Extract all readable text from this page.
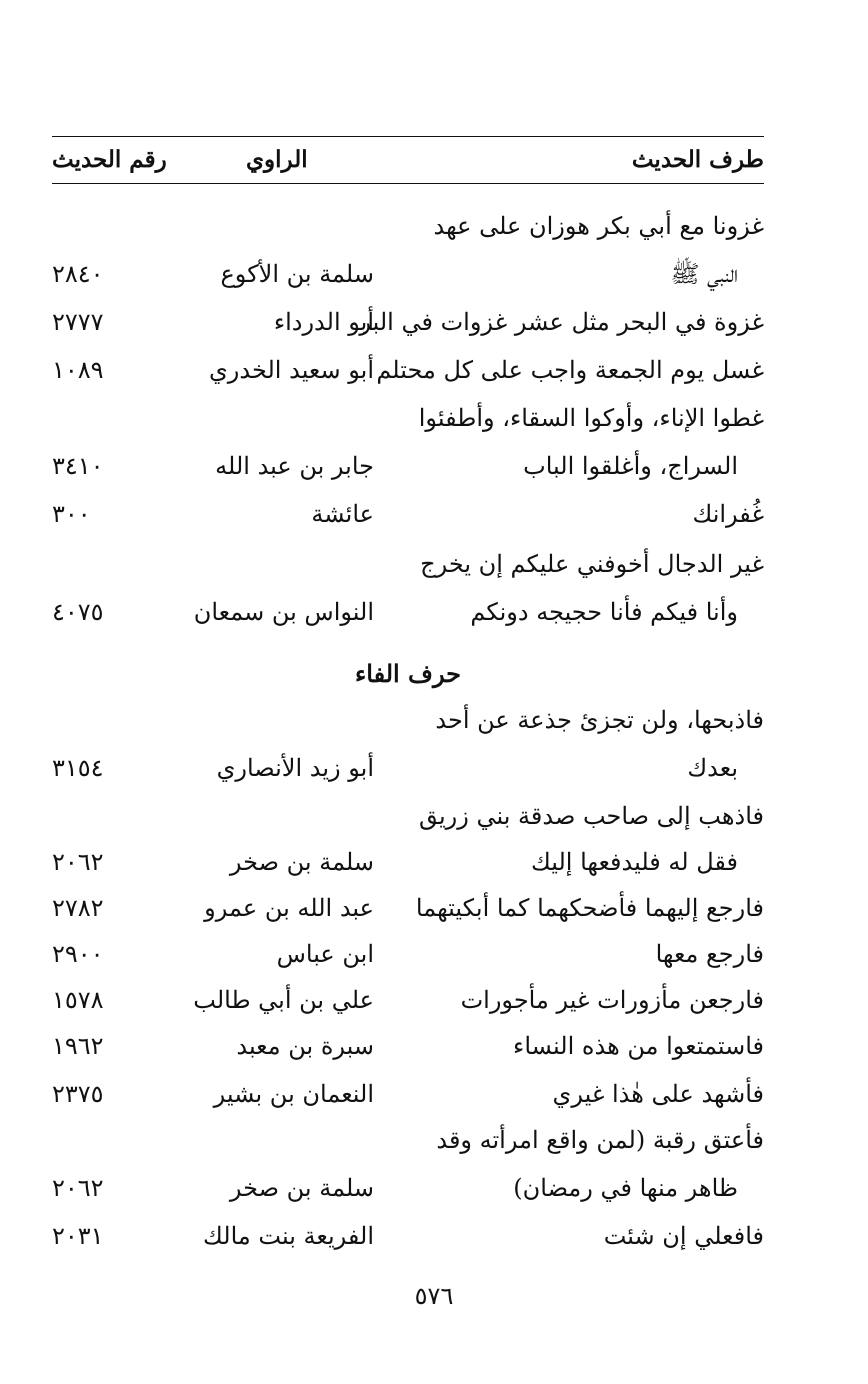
طرف الحديث
الراوي
رقم الحديث
غزونا مع أبي بكر هوزان على عهد
النبي ﷺ
سلمة بن الأكوع
٢٨٤٠
غزوة في البحر مثل عشر غزوات في البر
أبو الدرداء
٢٧٧٧
غسل يوم الجمعة واجب على كل محتلم
أبو سعيد الخدري
١٠٨٩
غطوا الإناء، وأوكوا السقاء، وأطفئوا
السراج، وأغلقوا الباب
جابر بن عبد الله
٣٤١٠
غُفرانك
عائشة
٣٠٠
غير الدجال أخوفني عليكم إن يخرج
وأنا فيكم فأنا حجيجه دونكم
النواس بن سمعان
٤٠٧٥
حرف الفاء
فاذبحها، ولن تجزئ جذعة عن أحد
بعدك
أبو زيد الأنصاري
٣١٥٤
فاذهب إلى صاحب صدقة بني زريق
فقل له فليدفعها إليك
سلمة بن صخر
٢٠٦٢
فارجع إليهما فأضحكهما كما أبكيتهما
عبد الله بن عمرو
٢٧٨٢
فارجع معها
ابن عباس
٢٩٠٠
فارجعن مأزورات غير مأجورات
علي بن أبي طالب
١٥٧٨
فاستمتعوا من هذه النساء
سبرة بن معبد
١٩٦٢
فأشهد على هٰذا غيري
النعمان بن بشير
٢٣٧٥
فأعتق رقبة (لمن واقع امرأته وقد
ظاهر منها في رمضان)
سلمة بن صخر
٢٠٦٢
فافعلي إن شئت
الفريعة بنت مالك
٢٠٣١
٥٧٦
